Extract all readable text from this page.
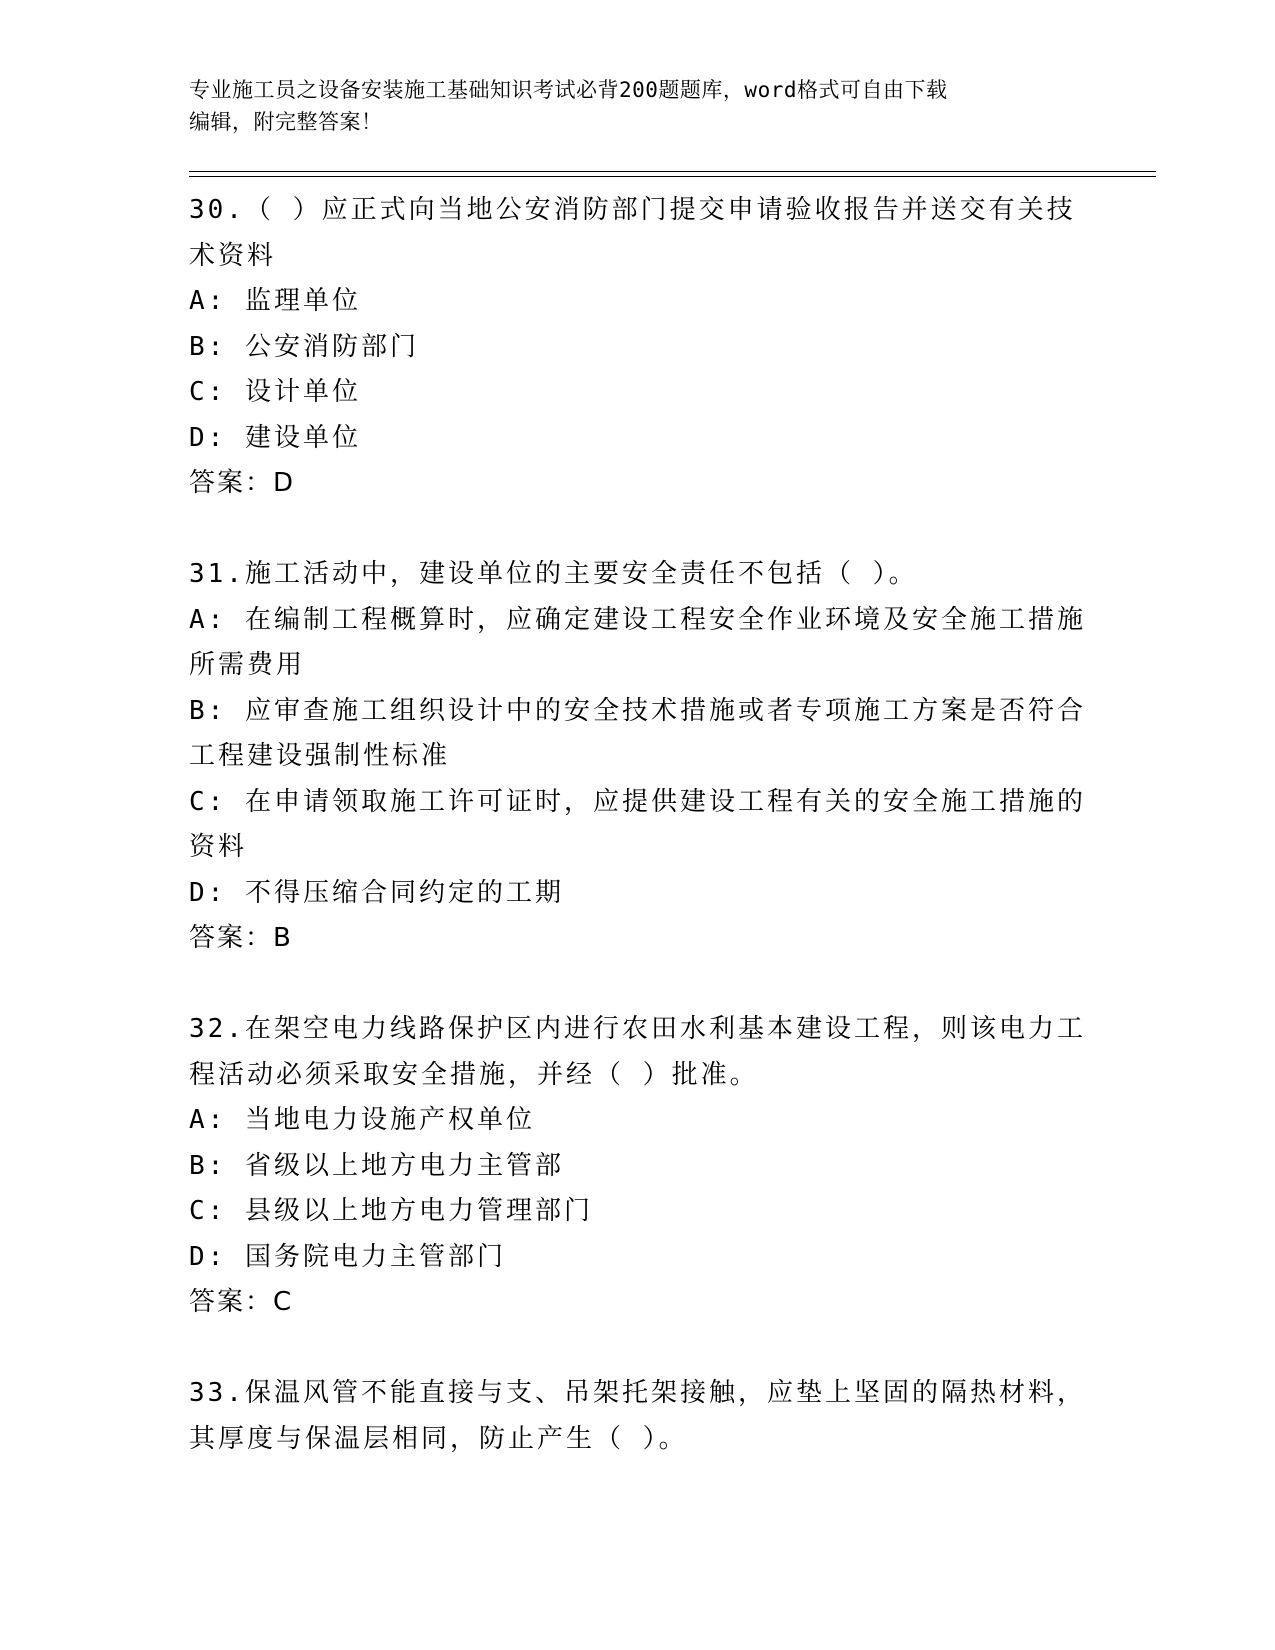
专业施工员之设备安装施工基础知识考试必背200题题库，word格式可自由下载
编辑，附完整答案！
30.（ ）应正式向当地公安消防部门提交申请验收报告并送交有关技
术资料
A: 监理单位
B: 公安消防部门
C: 设计单位
D: 建设单位
答案：D
31.施工活动中，建设单位的主要安全责任不包括（ ）。
A: 在编制工程概算时，应确定建设工程安全作业环境及安全施工措施
所需费用
B: 应审查施工组织设计中的安全技术措施或者专项施工方案是否符合
工程建设强制性标准
C: 在申请领取施工许可证时，应提供建设工程有关的安全施工措施的
资料
D: 不得压缩合同约定的工期
答案：B
32.在架空电力线路保护区内进行农田水利基本建设工程，则该电力工
程活动必须采取安全措施，并经（ ）批准。
A: 当地电力设施产权单位
B: 省级以上地方电力主管部
C: 县级以上地方电力管理部门
D: 国务院电力主管部门
答案：C
33.保温风管不能直接与支、吊架托架接触，应垫上坚固的隔热材料，
其厚度与保温层相同，防止产生（ ）。
